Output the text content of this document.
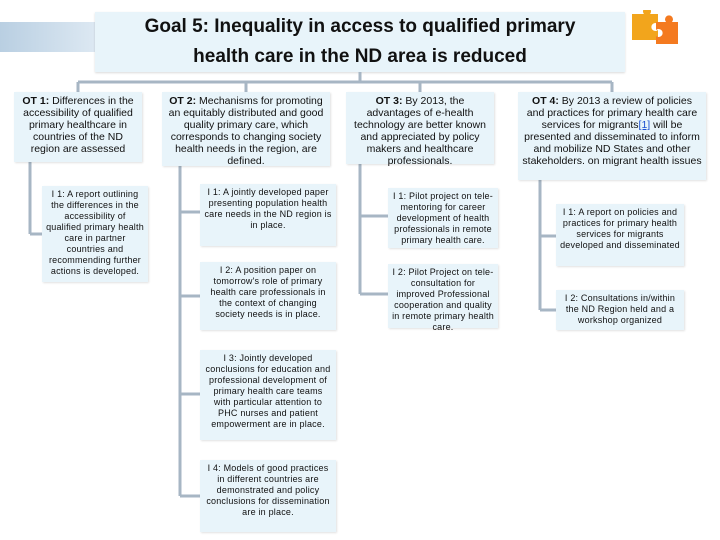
Goal 5: Inequality in access to qualified primary
health care in the ND area is reduced
OT 1: Differences in the accessibility of qualified primary healthcare in countries of the ND region are assessed
I 1: A report outlining the differences in the accessibility of qualified primary health care in partner countries and recommending further actions is developed.
OT 2: Mechanisms for promoting an equitably distributed and good quality primary care, which corresponds to changing society health needs in the region, are defined.
I 1: A jointly developed paper presenting population health care needs in the ND region is in place.
I 2: A position paper on tomorrow's role of primary health care professionals in the context of changing society needs is in place.
I 3: Jointly developed conclusions for education and professional development of primary health care teams with particular attention to PHC nurses and patient empowerment are in place.
I 4: Models of good practices in different countries are demonstrated and policy conclusions for dissemination are in place.
OT 3: By 2013, the advantages of e-health technology are better known and appreciated by policy makers and healthcare professionals.
I 1: Pilot project on tele-mentoring for career development of health professionals in remote primary health care.
I 2: Pilot Project on tele-consultation for improved Professional cooperation and quality in remote primary health care.
OT 4: By 2013 a review of policies and practices for primary health care services for migrants[1] will be presented and disseminated to inform and mobilize ND States and other stakeholders. on migrant health issues
I 1: A report on policies and practices for primary health services for migrants developed and disseminated
I 2: Consultations in/within the ND Region held and a workshop organized
